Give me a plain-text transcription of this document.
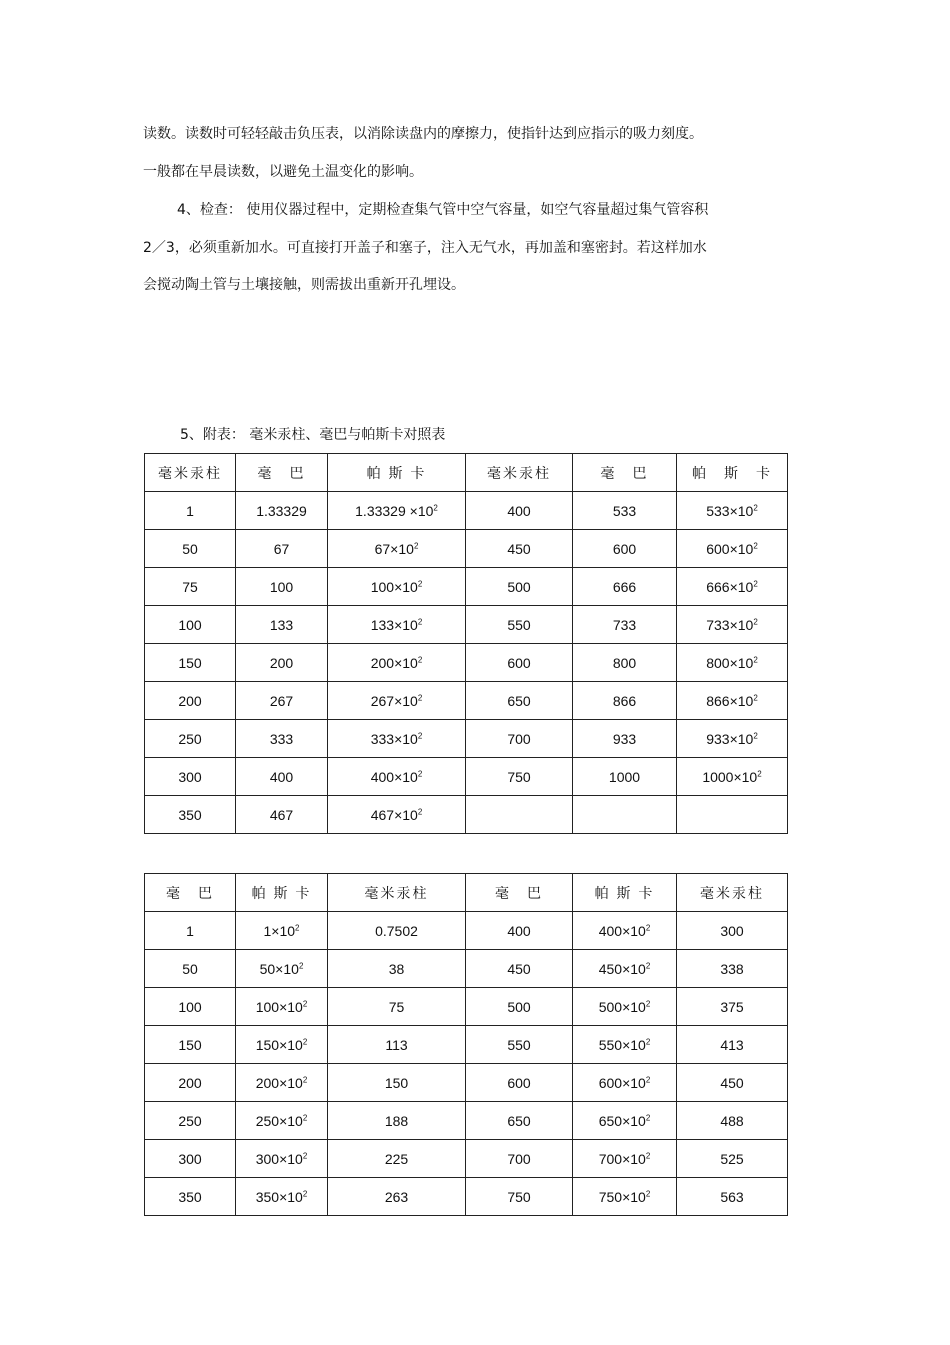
读数。读数时可轻轻敲击负压表，以消除读盘内的摩擦力，使指针达到应指示的吸力刻度。
一般都在早晨读数，以避免土温变化的影响。
4、检查： 使用仪器过程中，定期检查集气管中空气容量，如空气容量超过集气管容积
2／3，必须重新加水。可直接打开盖子和塞子，注入无气水，再加盖和塞密封。若这样加水
会搅动陶土管与土壤接触，则需拔出重新开孔埋设。
5、附表： 毫米汞柱、毫巴与帕斯卡对照表
毫米汞柱	毫　巴	帕 斯 卡	毫米汞柱	毫　巴	帕　斯　卡
1	1.33329	$1.33329 \times 10^2$	400	533	$533\times 10^2$
50	67	$67\times 10^2$	450	600	$600\times 10^2$
75	100	$100\times 10^2$	500	666	$666\times 10^2$
100	133	$133\times 10^2$	550	733	$733\times 10^2$
150	200	$200\times 10^2$	600	800	$800\times 10^2$
200	267	$267\times 10^2$	650	866	$866\times 10^2$
250	333	$333\times 10^2$	700	933	$933\times 10^2$
300	400	$400\times 10^2$	750	1000	$1000\times 10^2$
350	467	$467\times 10^2$			
毫　巴	帕 斯 卡	毫米汞柱	毫　巴	帕 斯 卡	毫米汞柱
1	$1\times 10^2$	0.7502	400	$400\times 10^2$	300
50	$50\times 10^2$	38	450	$450\times 10^2$	338
100	$100\times 10^2$	75	500	$500\times 10^2$	375
150	$150\times 10^2$	113	550	$550\times 10^2$	413
200	$200\times 10^2$	150	600	$600\times 10^2$	450
250	$250\times 10^2$	188	650	$650\times 10^2$	488
300	$300\times 10^2$	225	700	$700\times 10^2$	525
350	$350\times 10^2$	263	750	$750\times 10^2$	563
